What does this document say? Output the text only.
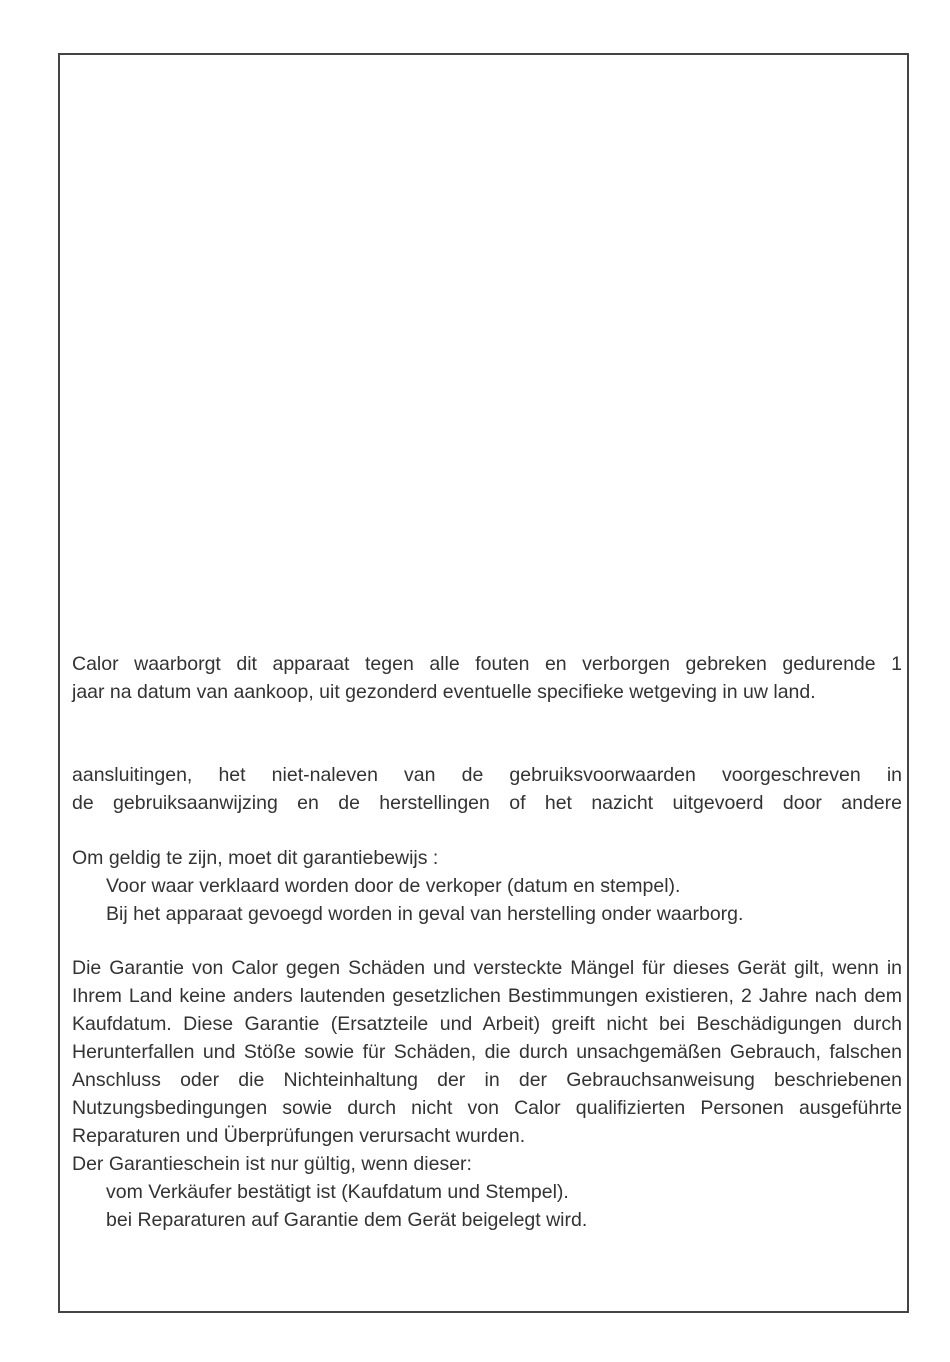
Calor waarborgt dit apparaat tegen alle fouten en verborgen gebreken gedurende 1
jaar na datum van aankoop, uit gezonderd eventuelle specifieke wetgeving in uw land.
aansluitingen, het niet-naleven van de gebruiksvoorwaarden voorgeschreven in
de gebruiksaanwijzing en de herstellingen of het nazicht uitgevoerd door andere
Om geldig te zijn, moet dit garantiebewijs :
Voor waar verklaard worden door de verkoper (datum en stempel).
Bij het apparaat gevoegd worden in geval van herstelling onder waarborg.

Die Garantie von Calor gegen Schäden und versteckte Mängel für dieses Gerät gilt, wenn in Ihrem Land keine anders lautenden gesetzlichen Bestimmungen existieren, 2 Jahre nach dem Kaufdatum. Diese Garantie (Ersatzteile und Arbeit) greift nicht bei Beschädigungen durch Herunterfallen und Stöße sowie für Schäden, die durch unsachgemäßen Gebrauch, falschen Anschluss oder die Nichteinhaltung der in der Gebrauchsanweisung beschriebenen Nutzungsbedingungen sowie durch nicht von Calor qualifizierten Personen ausgeführte Reparaturen und Überprüfungen verursacht wurden.

Der Garantieschein ist nur gültig, wenn dieser:
vom Verkäufer bestätigt ist (Kaufdatum und Stempel).
bei Reparaturen auf Garantie dem Gerät beigelegt wird.
